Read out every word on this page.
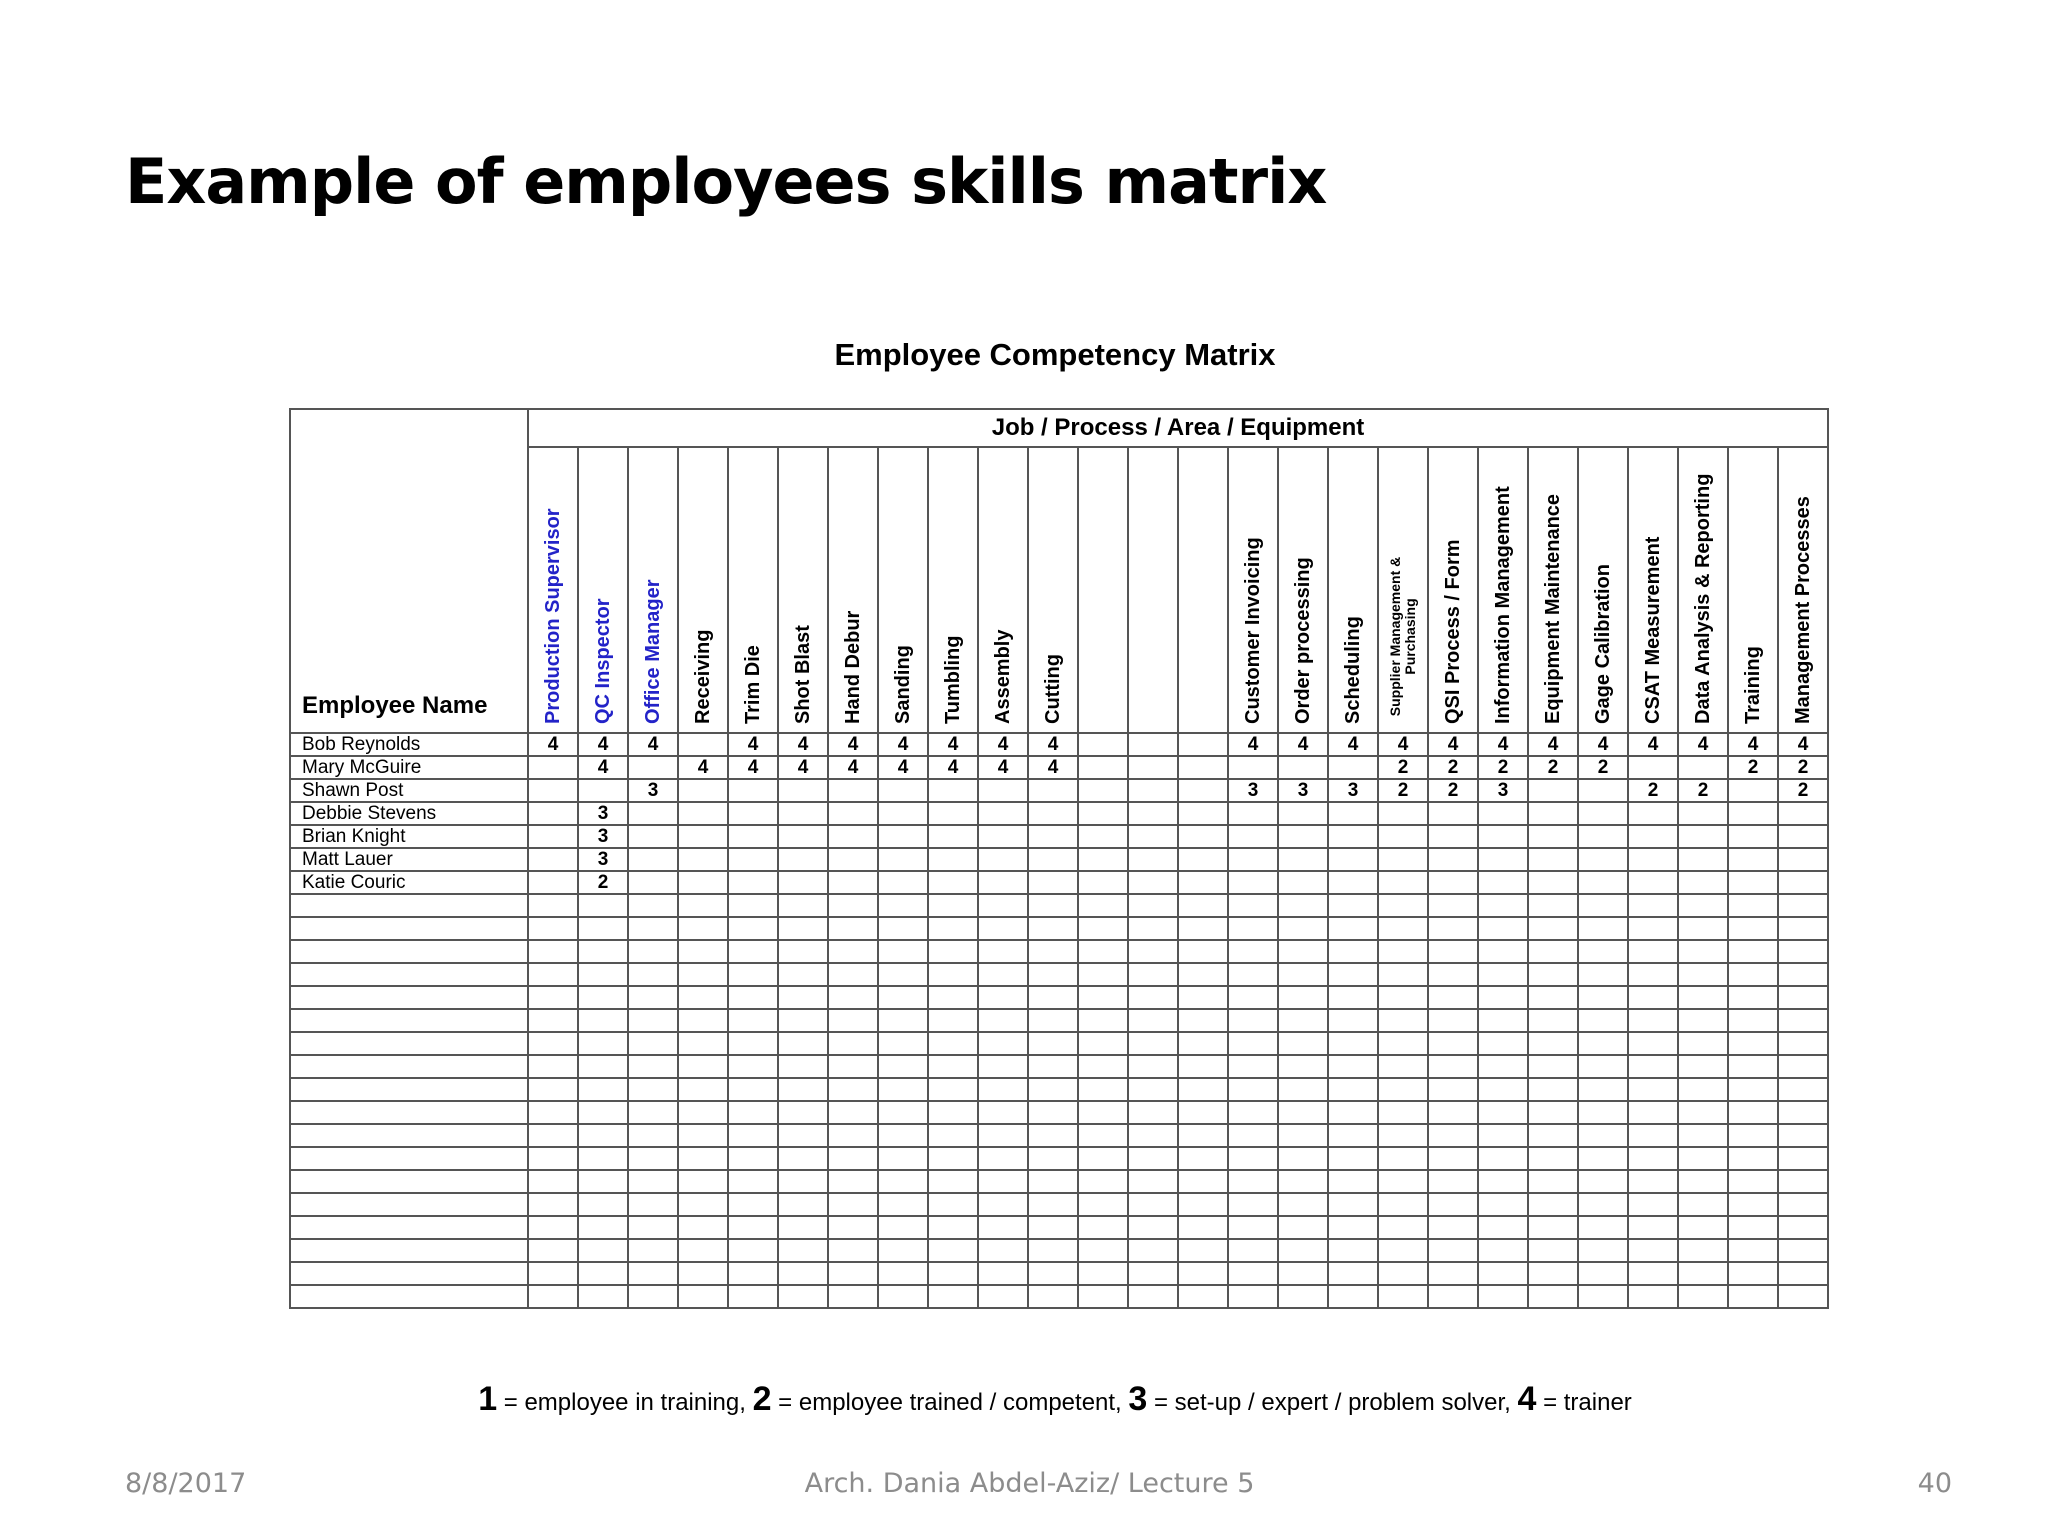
Example of employees skills matrix
Employee Competency Matrix
Employee Name	Job / Process / Area / Equipment																									

	Production Supervisor	QC Inspector	Office Manager	Receiving	Trim Die	Shot Blast	Hand Debur	Sanding	Tumbling	Assembly	Cutting				Customer Invoicing	Order processing	Scheduling	Supplier Management & Purchasing	QSI Process / Form	Information Management	Equipment Maintenance	Gage Calibration	CSAT Measurement	Data Analysis & Reporting	Training	Management Processes

Bob Reynolds	4	4	4		4	4	4	4	4	4	4				4	4	4	4	4	4	4	4	4	4	4	4
Mary McGuire		4		4	4	4	4	4	4	4	4							2	2	2	2	2			2	2
Shawn Post			3												3	3	3	2	2	3			2	2		2
Debbie Stevens		3																								
Brian Knight		3																								
Matt Lauer		3																								
Katie Couric		2																								

1 = employee in training, 2 = employee trained / competent, 3 = set-up / expert / problem solver, 4 = trainer
8/8/2017	Arch. Dania Abdel-Aziz/ Lecture 5	40
